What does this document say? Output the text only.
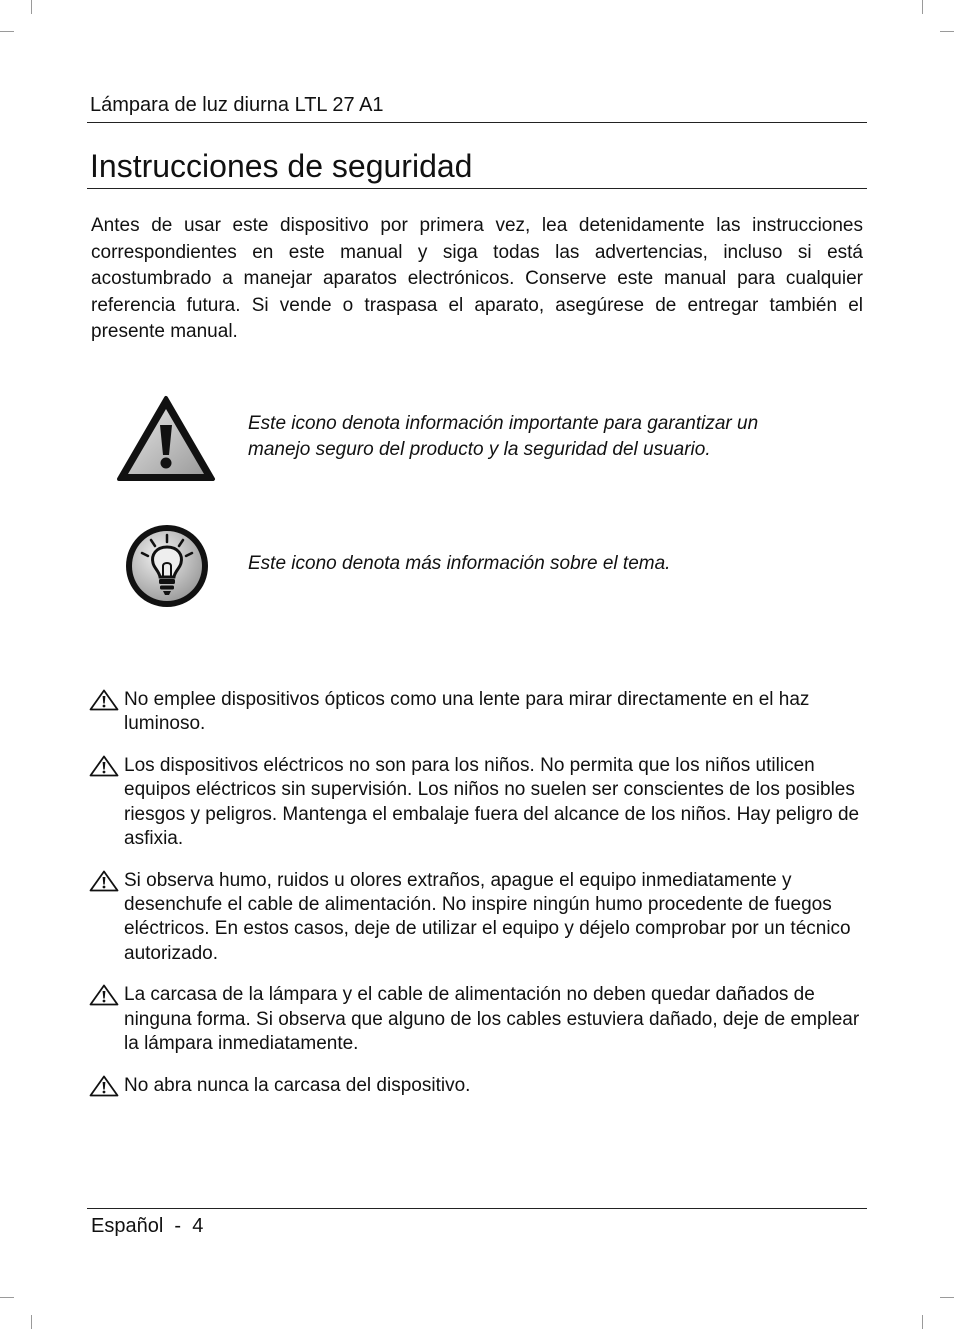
Lámpara de luz diurna LTL 27 A1
Instrucciones de seguridad

Antes de usar este dispositivo por primera vez, lea detenidamente las instrucciones correspondientes en este manual y siga todas las advertencias, incluso si está acostumbrado a manejar aparatos electrónicos. Conserve este manual para cualquier referencia futura. Si vende o traspasa el aparato, asegúrese de entregar también el presente manual.

Este icono denota información importante para garantizar un
manejo seguro del producto y la seguridad del usuario.
Este icono denota más información sobre el tema.
No emplee dispositivos ópticos como una lente para mirar directamente en el haz luminoso.
Los dispositivos eléctricos no son para los niños. No permita que los niños utilicen equipos eléctricos sin supervisión. Los niños no suelen ser conscientes de los posibles riesgos y peligros. Mantenga el embalaje fuera del alcance de los niños. Hay peligro de asfixia.
Si observa humo, ruidos u olores extraños, apague el equipo inmediatamente y desenchufe el cable de alimentación. No inspire ningún humo procedente de fuegos eléctricos. En estos casos, deje de utilizar el equipo y déjelo comprobar por un técnico autorizado.
La carcasa de la lámpara y el cable de alimentación no deben quedar dañados de ninguna forma. Si observa que alguno de los cables estuviera dañado, deje de emplear la lámpara inmediatamente.
No abra nunca la carcasa del dispositivo.
Español - 4
